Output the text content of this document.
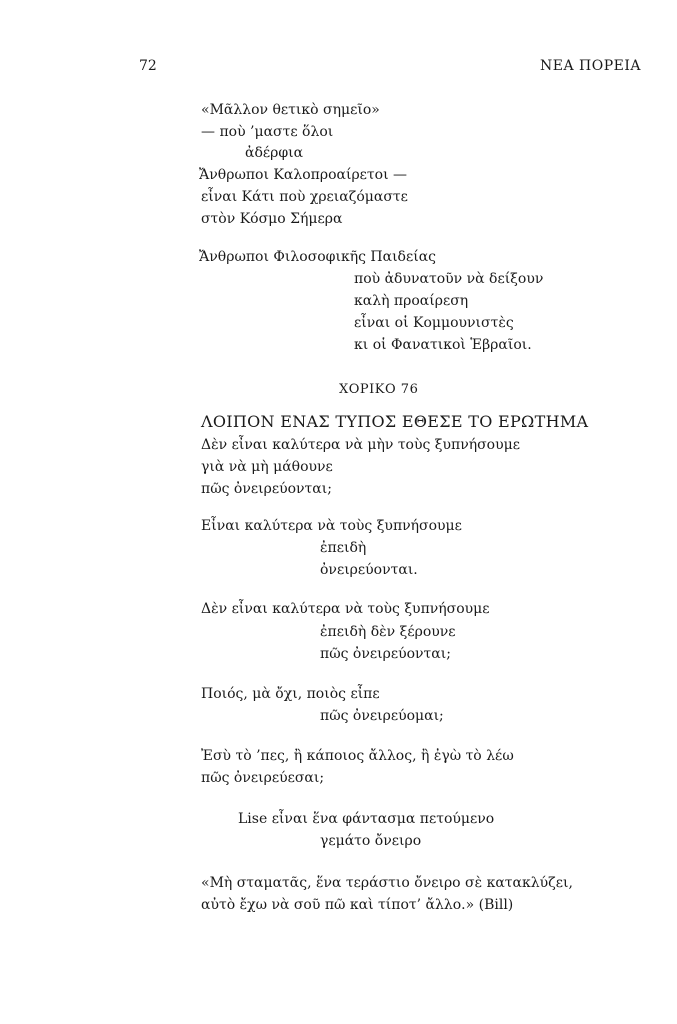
72	ΝΕΑ ΠΟΡΕΙΑ
«Μᾶλλον θετικὸ σημεῖο»
— ποὺ ’μαστε ὅλοι
ἀδέρφια
Ἄνθρωποι Καλοπροαίρετοι —
εἶναι Κάτι ποὺ χρειαζόμαστε
στὸν Κόσμο Σήμερα
Ἄνθρωποι Φιλοσοφικῆς Παιδείας
ποὺ ἀδυνατοῦν νὰ δείξουν
καλὴ προαίρεση
εἶναι οἱ Κομμουνιστὲς
κι οἱ Φανατικοὶ Ἑβραῖοι.
ΧΟΡΙΚΟ 76
ΛΟΙΠΟΝ ΕΝΑΣ ΤΥΠΟΣ ΕΘΕΣΕ ΤΟ ΕΡΩΤΗΜΑ
Δὲν εἶναι καλύτερα νὰ μὴν τοὺς ξυπνήσουμε
γιὰ νὰ μὴ μάθουνε
πῶς ὀνειρεύονται;
Εἶναι καλύτερα νὰ τοὺς ξυπνήσουμε
ἐπειδὴ
ὀνειρεύονται.
Δὲν εἶναι καλύτερα νὰ τοὺς ξυπνήσουμε
ἐπειδὴ δὲν ξέρουνε
πῶς ὀνειρεύονται;
Ποιός, μὰ ὄχι, ποιὸς εἶπε
πῶς ὀνειρεύομαι;
Ἐσὺ τὸ ’πες, ἢ κάποιος ἄλλος, ἢ ἐγὼ τὸ λέω
πῶς ὀνειρεύεσαι;
Lise εἶναι ἕνα φάντασμα πετούμενο
γεμάτο ὄνειρο
«Μὴ σταματᾶς, ἕνα τεράστιο ὄνειρο σὲ κατακλύζει,
αὐτὸ ἔχω νὰ σοῦ πῶ καὶ τίποτ’ ἄλλο.» (Bill)
